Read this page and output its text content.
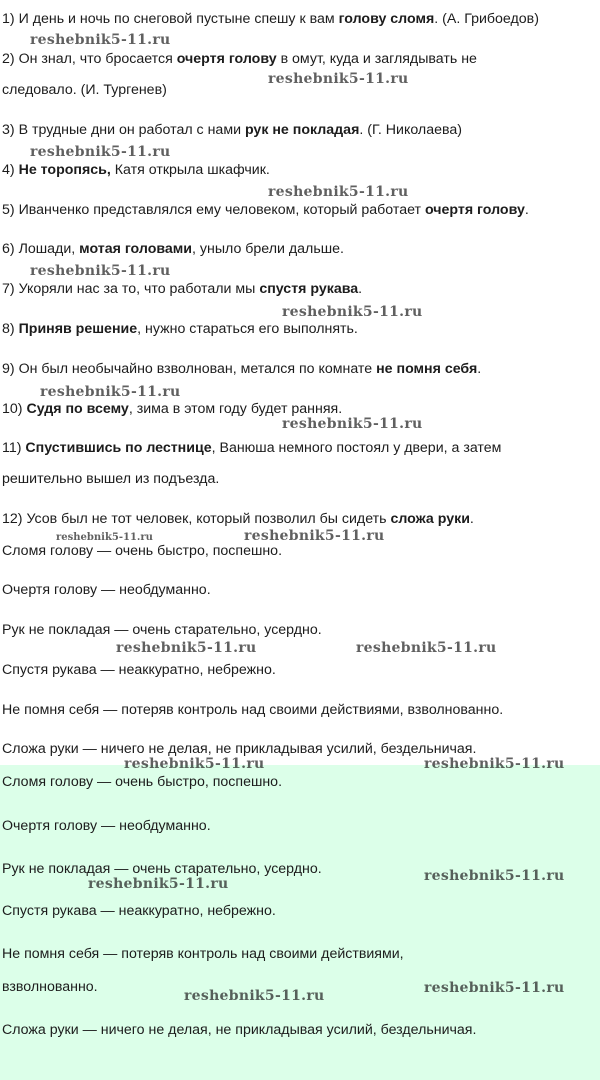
1) И день и ночь по снеговой пустыне спешу к вам голову сломя. (А. Грибоедов)

2) Он знал, что бросается очертя голову в омут, куда и заглядывать не

следовало. (И. Тургенев)

3) В трудные дни он работал с нами рук не покладая. (Г. Николаева)

4) Не торопясь, Катя открыла шкафчик.

5) Иванченко представлялся ему человеком, который работает очертя голову.

6) Лошади, мотая головами, уныло брели дальше.

7) Укоряли нас за то, что работали мы спустя рукава.

8) Приняв решение, нужно стараться его выполнять.

9) Он был необычайно взволнован, метался по комнате не помня себя.

10) Судя по всему, зима в этом году будет ранняя.

11) Спустившись по лестнице, Ванюша немного постоял у двери, а затем

решительно вышел из подъезда.

12) Усов был не тот человек, который позволил бы сидеть сложа руки.

Сломя голову — очень быстро, поспешно.

Очертя голову — необдуманно.

Рук не покладая — очень старательно, усердно.

Спустя рукава — неаккуратно, небрежно.

Не помня себя — потеряв контроль над своими действиями, взволнованно.

Сложа руки — ничего не делая, не прикладывая усилий, бездельничая.

Сломя голову — очень быстро, поспешно.

Очертя голову — необдуманно.

Рук не покладая — очень старательно, усердно.

Спустя рукава — неаккуратно, небрежно.

Не помня себя — потеряв контроль над своими действиями,

взволнованно.

Сложа руки — ничего не делая, не прикладывая усилий, бездельничая.

reshebnik5-11.ru
reshebnik5-11.ru
reshebnik5-11.ru
reshebnik5-11.ru
reshebnik5-11.ru
reshebnik5-11.ru
reshebnik5-11.ru
reshebnik5-11.ru
reshebnik5-11.ru	reshebnik5-11.ru
reshebnik5-11.ru	reshebnik5-11.ru
reshebnik5-11.ru	reshebnik5-11.ru
reshebnik5-11.ru	reshebnik5-11.ru
reshebnik5-11.ru	reshebnik5-11.ru
